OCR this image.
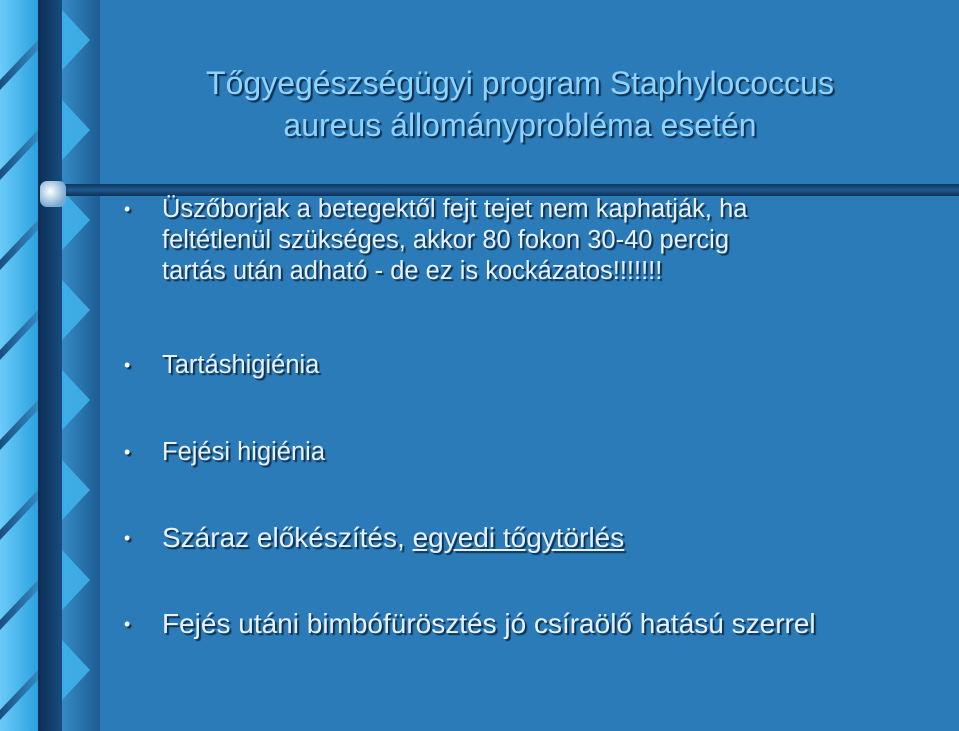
Tőgyegészségügyi program Staphylococcus
aureus állományprobléma esetén
•	Üszőborjak a betegektől fejt tejet nem kaphatják, ha
feltétlenül szükséges, akkor 80 fokon 30-40 percig
tartás után adható - de ez is kockázatos!!!!!!!
•	Tartáshigiénia
•	Fejési higiénia
•	Száraz előkészítés, egyedi tőgytörlés
•	Fejés utáni bimbófürösztés jó csíraölő hatású szerrel
